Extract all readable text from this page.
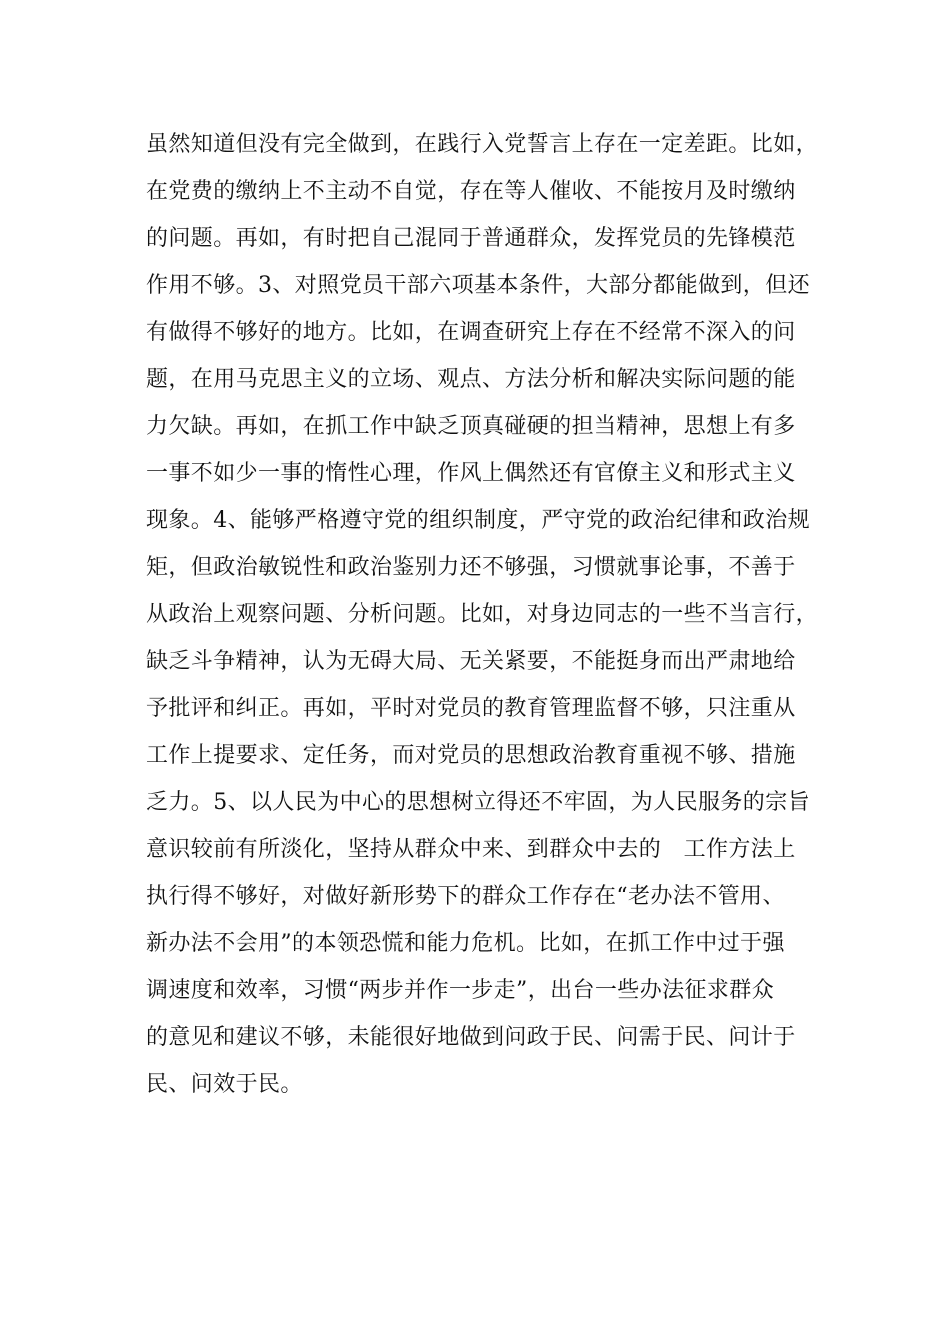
虽然知道但没有完全做到，在践行入党誓言上存在一定差距。比如，
在党费的缴纳上不主动不自觉，存在等人催收、不能按月及时缴纳
的问题。再如，有时把自己混同于普通群众，发挥党员的先锋模范
作用不够。3、对照党员干部六项基本条件，大部分都能做到，但还
有做得不够好的地方。比如，在调查研究上存在不经常不深入的问
题，在用马克思主义的立场、观点、方法分析和解决实际问题的能
力欠缺。再如，在抓工作中缺乏顶真碰硬的担当精神，思想上有多
一事不如少一事的惰性心理，作风上偶然还有官僚主义和形式主义
现象。4、能够严格遵守党的组织制度，严守党的政治纪律和政治规
矩，但政治敏锐性和政治鉴别力还不够强，习惯就事论事，不善于
从政治上观察问题、分析问题。比如，对身边同志的一些不当言行，
缺乏斗争精神，认为无碍大局、无关紧要，不能挺身而出严肃地给
予批评和纠正。再如，平时对党员的教育管理监督不够，只注重从
工作上提要求、定任务，而对党员的思想政治教育重视不够、措施
乏力。5、以人民为中心的思想树立得还不牢固，为人民服务的宗旨
意识较前有所淡化，坚持从群众中来、到群众中去的　工作方法上
执行得不够好，对做好新形势下的群众工作存在“老办法不管用、
新办法不会用”的本领恐慌和能力危机。比如，在抓工作中过于强
调速度和效率，习惯“两步并作一步走”，出台一些办法征求群众
的意见和建议不够，未能很好地做到问政于民、问需于民、问计于
民、问效于民。
